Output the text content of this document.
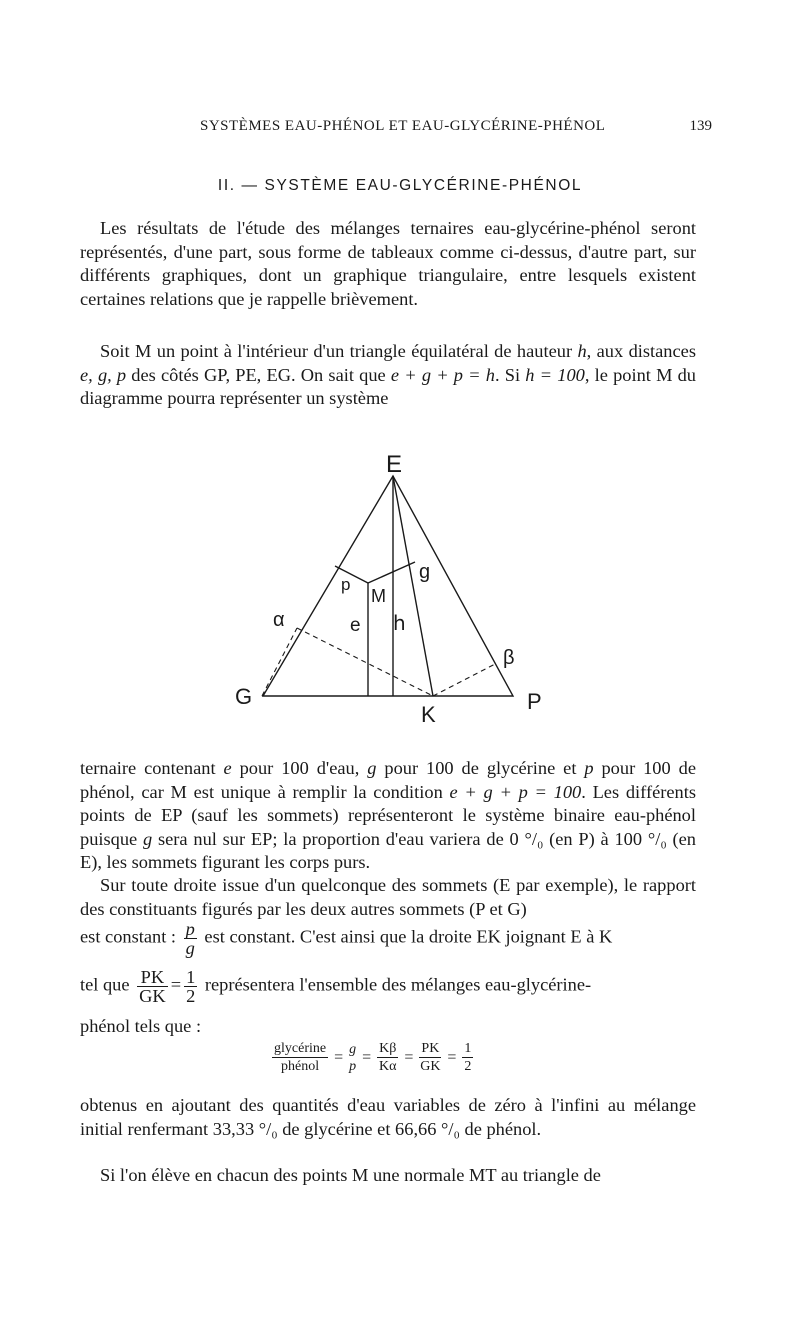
SYSTÈMES EAU-PHÉNOL ET EAU-GLYCÉRINE-PHÉNOL	139
II. — SYSTÈME EAU-GLYCÉRINE-PHÉNOL

Les résultats de l'étude des mélanges ternaires eau-glycérine-phénol seront représentés, d'une part, sous forme de tableaux comme ci-dessus, d'autre part, sur différents graphiques, dont un graphique triangulaire, entre lesquels existent certaines relations que je rappelle brièvement.

Soit M un point à l'intérieur d'un triangle équilatéral de hauteur h, aux distances e, g, p des côtés GP, PE, EG. On sait que e + g + p = h. Si h = 100, le point M du diagramme pourra représenter un système

E
G	P
K
M
p
e h
g
α
β

ternaire contenant e pour 100 d'eau, g pour 100 de glycérine et p pour 100 de phénol, car M est unique à remplir la condition e + g + p = 100. Les différents points de EP (sauf les sommets) représenteront le système binaire eau-phénol puisque g sera nul sur EP; la proportion d'eau variera de 0 °/₀ (en P) à 100 °/₀ (en E), les sommets figurant les corps purs.

Sur toute droite issue d'un quelconque des sommets (E par exemple), le rapport des constituants figurés par les deux autres sommets (P et G)

est constant : $\frac{p}{g}$ est constant. C'est ainsi que la droite EK joignant E à K
tel que $\frac{PK}{GK} = \frac{1}{2}$ représentera l'ensemble des mélanges eau-glycérine-
phénol tels que :
$\frac{\text{glycérine}}{\text{phénol}} = g$
p
= $\frac{K\beta}{K\alpha} = \frac{PK}{GK} = \frac{1}{2}$

obtenus en ajoutant des quantités d'eau variables de zéro à l'infini au mélange initial renfermant 33,33 °/₀ de glycérine et 66,66 °/₀ de phénol.

Si l'on élève en chacun des points M une normale MT au triangle de
